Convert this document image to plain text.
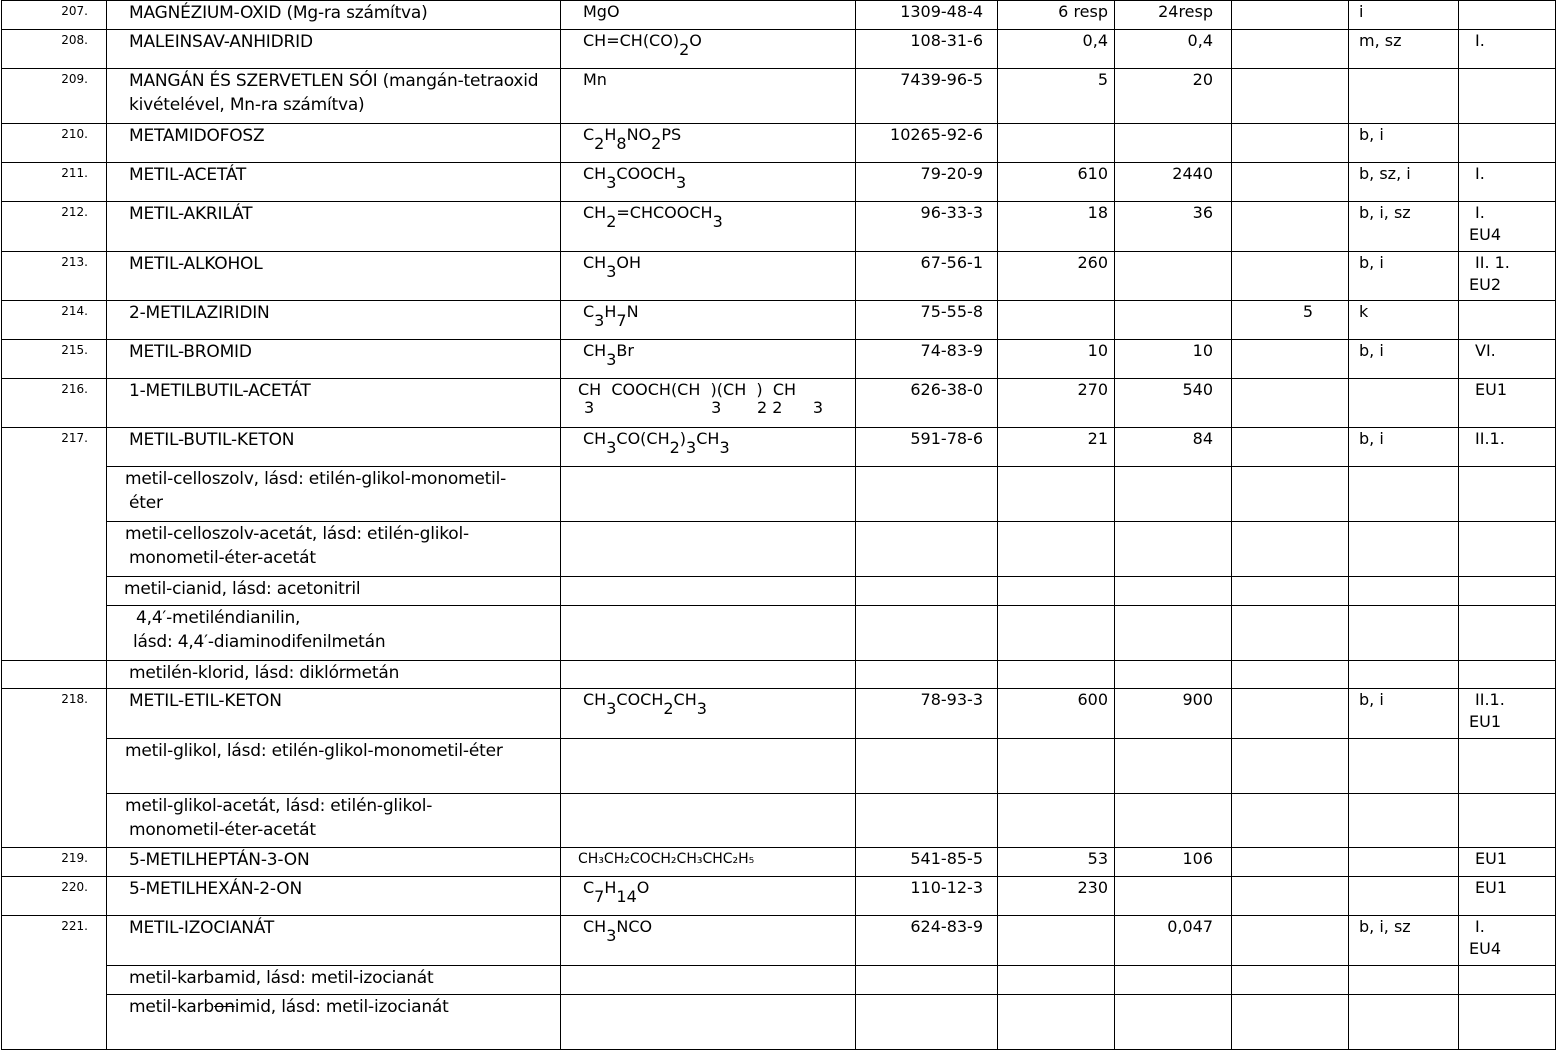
207.	MAGNÉZIUM-OXID (Mg-ra számítva)	MgO	1309-48-4	6 resp	24resp		i	
208.	MALEINSAV-ANHIDRID	$CH=CH(CO)_2O$	108-31-6	0,4	0,4		m, sz	I.
209.	MANGÁN ÉS SZERVETLEN SÓI (mangán-tetraoxid kivételével, Mn-ra számítva)	Mn	7439-96-5	5	20			
210.	METAMIDOFOSZ	$C_2H_8NO_2PS$	10265-92-6				b, i	
211.	METIL-ACETÁT	$CH_3COOCH_3$	79-20-9	610	2440		b, sz, i	I.
212.	METIL-AKRILÁT	$CH_2=CHCOOCH_3$	96-33-3	18	36		b, i, sz	I.
EU4

213.	METIL-ALKOHOL	$CH_3OH$	67-56-1	260			b, i	II. 1.
EU2

214.	2-METILAZIRIDIN	$C_3H_7N$	75-55-8			5	k	
215.	METIL-BROMID	$CH_3Br$	74-83-9	10	10		b, i	VI.
216.	1-METILBUTIL-ACETÁT	CH  COOCH(CH  )(CH  )  CH
3                       3       2 2      3	626-38-0	270	540			EU1
217.	METIL-BUTIL-KETON	$CH_3CO(CH_2)_3CH_3$	591-78-6	21	84		b, i	II.1.
	metil-celloszolv, lásd: etilén-glikol-monometil-éter							
	metil-celloszolv-acetát, lásd: etilén-glikol-monometil-éter-acetát							
	metil-cianid, lásd: acetonitril							

	4,4′-metiléndianilin,
lásd: 4,4′-diaminodifenilmetán							

	metilén-klorid, lásd: diklórmetán							
218.	METIL-ETIL-KETON	$CH_3COCH_2CH_3$	78-93-3	600	900		b, i	II.1.
EU1

	metil-glikol, lásd: etilén-glikol-monometil-éter							
	metil-glikol-acetát, lásd: etilén-glikol-monometil-éter-acetát							
219.	5-METILHEPTÁN-3-ON	CH₃CH₂COCH₂CH₃CHC₂H₅	541-85-5	53	106			EU1
220.	5-METILHEXÁN-2-ON	$C_7H_{14}O$	110-12-3	230				EU1
221.	METIL-IZOCIANÁT	$CH_3NCO$	624-83-9		0,047		b, i, sz	I.
EU4

	metil-karbamid, lásd: metil-izocianát							
	metil-karbonimid, lásd: metil-izocianát							
